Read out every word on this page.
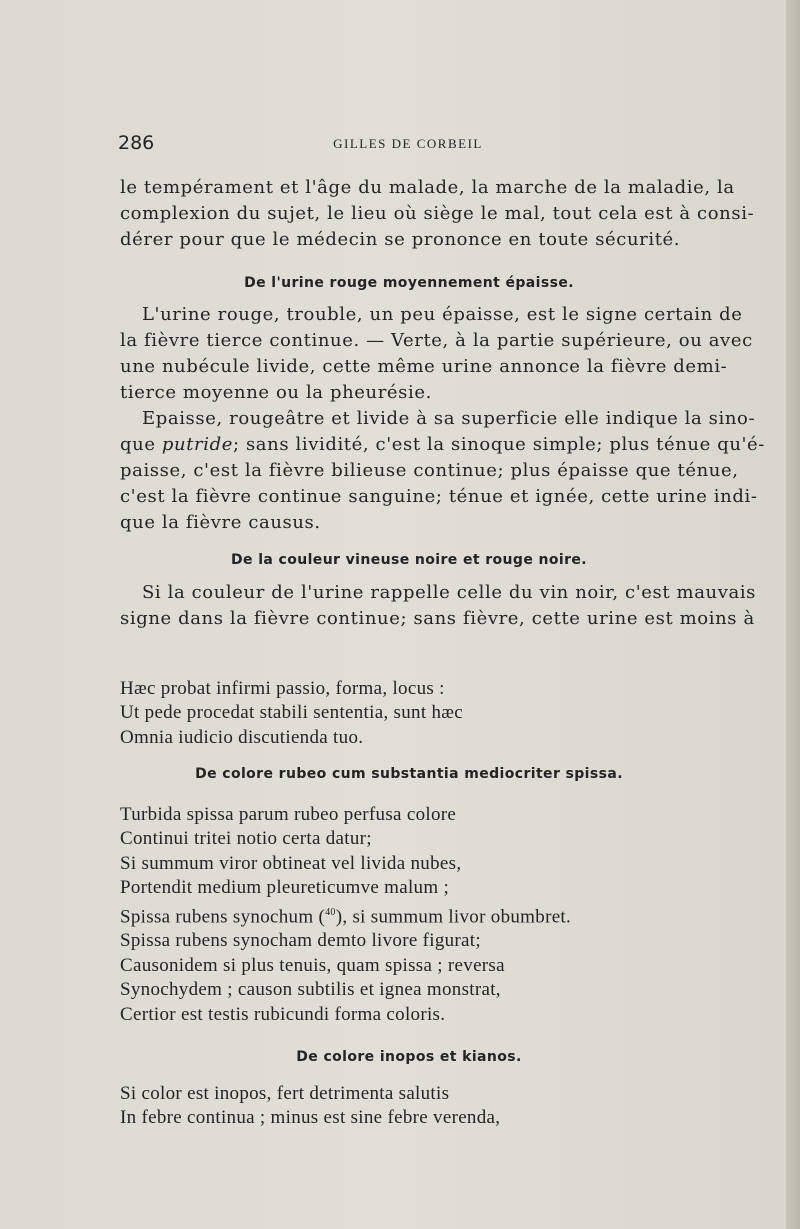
286	GILLES DE CORBEIL

le tempérament et l'âge du malade, la marche de la maladie, la
complexion du sujet, le lieu où siège le mal, tout cela est à consi-
dérer pour que le médecin se prononce en toute sécurité.

De l'urine rouge moyennement épaisse.

L'urine rouge, trouble, un peu épaisse, est le signe certain de
la fièvre tierce continue. — Verte, à la partie supérieure, ou avec
une nubécule livide, cette même urine annonce la fièvre demi-
tierce moyenne ou la pheurésie.

Epaisse, rougeâtre et livide à sa superficie elle indique la sino-
que putride; sans lividité, c'est la sinoque simple; plus ténue qu'é-
paisse, c'est la fièvre bilieuse continue; plus épaisse que ténue,
c'est la fièvre continue sanguine; ténue et ignée, cette urine indi-
que la fièvre causus.

De la couleur vineuse noire et rouge noire.

Si la couleur de l'urine rappelle celle du vin noir, c'est mauvais
signe dans la fièvre continue; sans fièvre, cette urine est moins à

Hæc probat infirmi passio, forma, locus :
Ut pede procedat stabili sententia, sunt hæc
Omnia iudicio discutienda tuo.

De colore rubeo cum substantia mediocriter spissa.

Turbida spissa parum rubeo perfusa colore
Continui tritei notio certa datur;
Si summum viror obtineat vel livida nubes,
Portendit medium pleureticumve malum ;
Spissa rubens synochum ($^{40}$), si summum livor obumbret.
Spissa rubens synocham demto livore figurat;
Causonidem si plus tenuis, quam spissa ; reversa
Synochydem ; causon subtilis et ignea monstrat,
Certior est testis rubicundi forma coloris.

De colore inopos et kianos.

Si color est inopos, fert detrimenta salutis
In febre continua ; minus est sine febre verenda,
